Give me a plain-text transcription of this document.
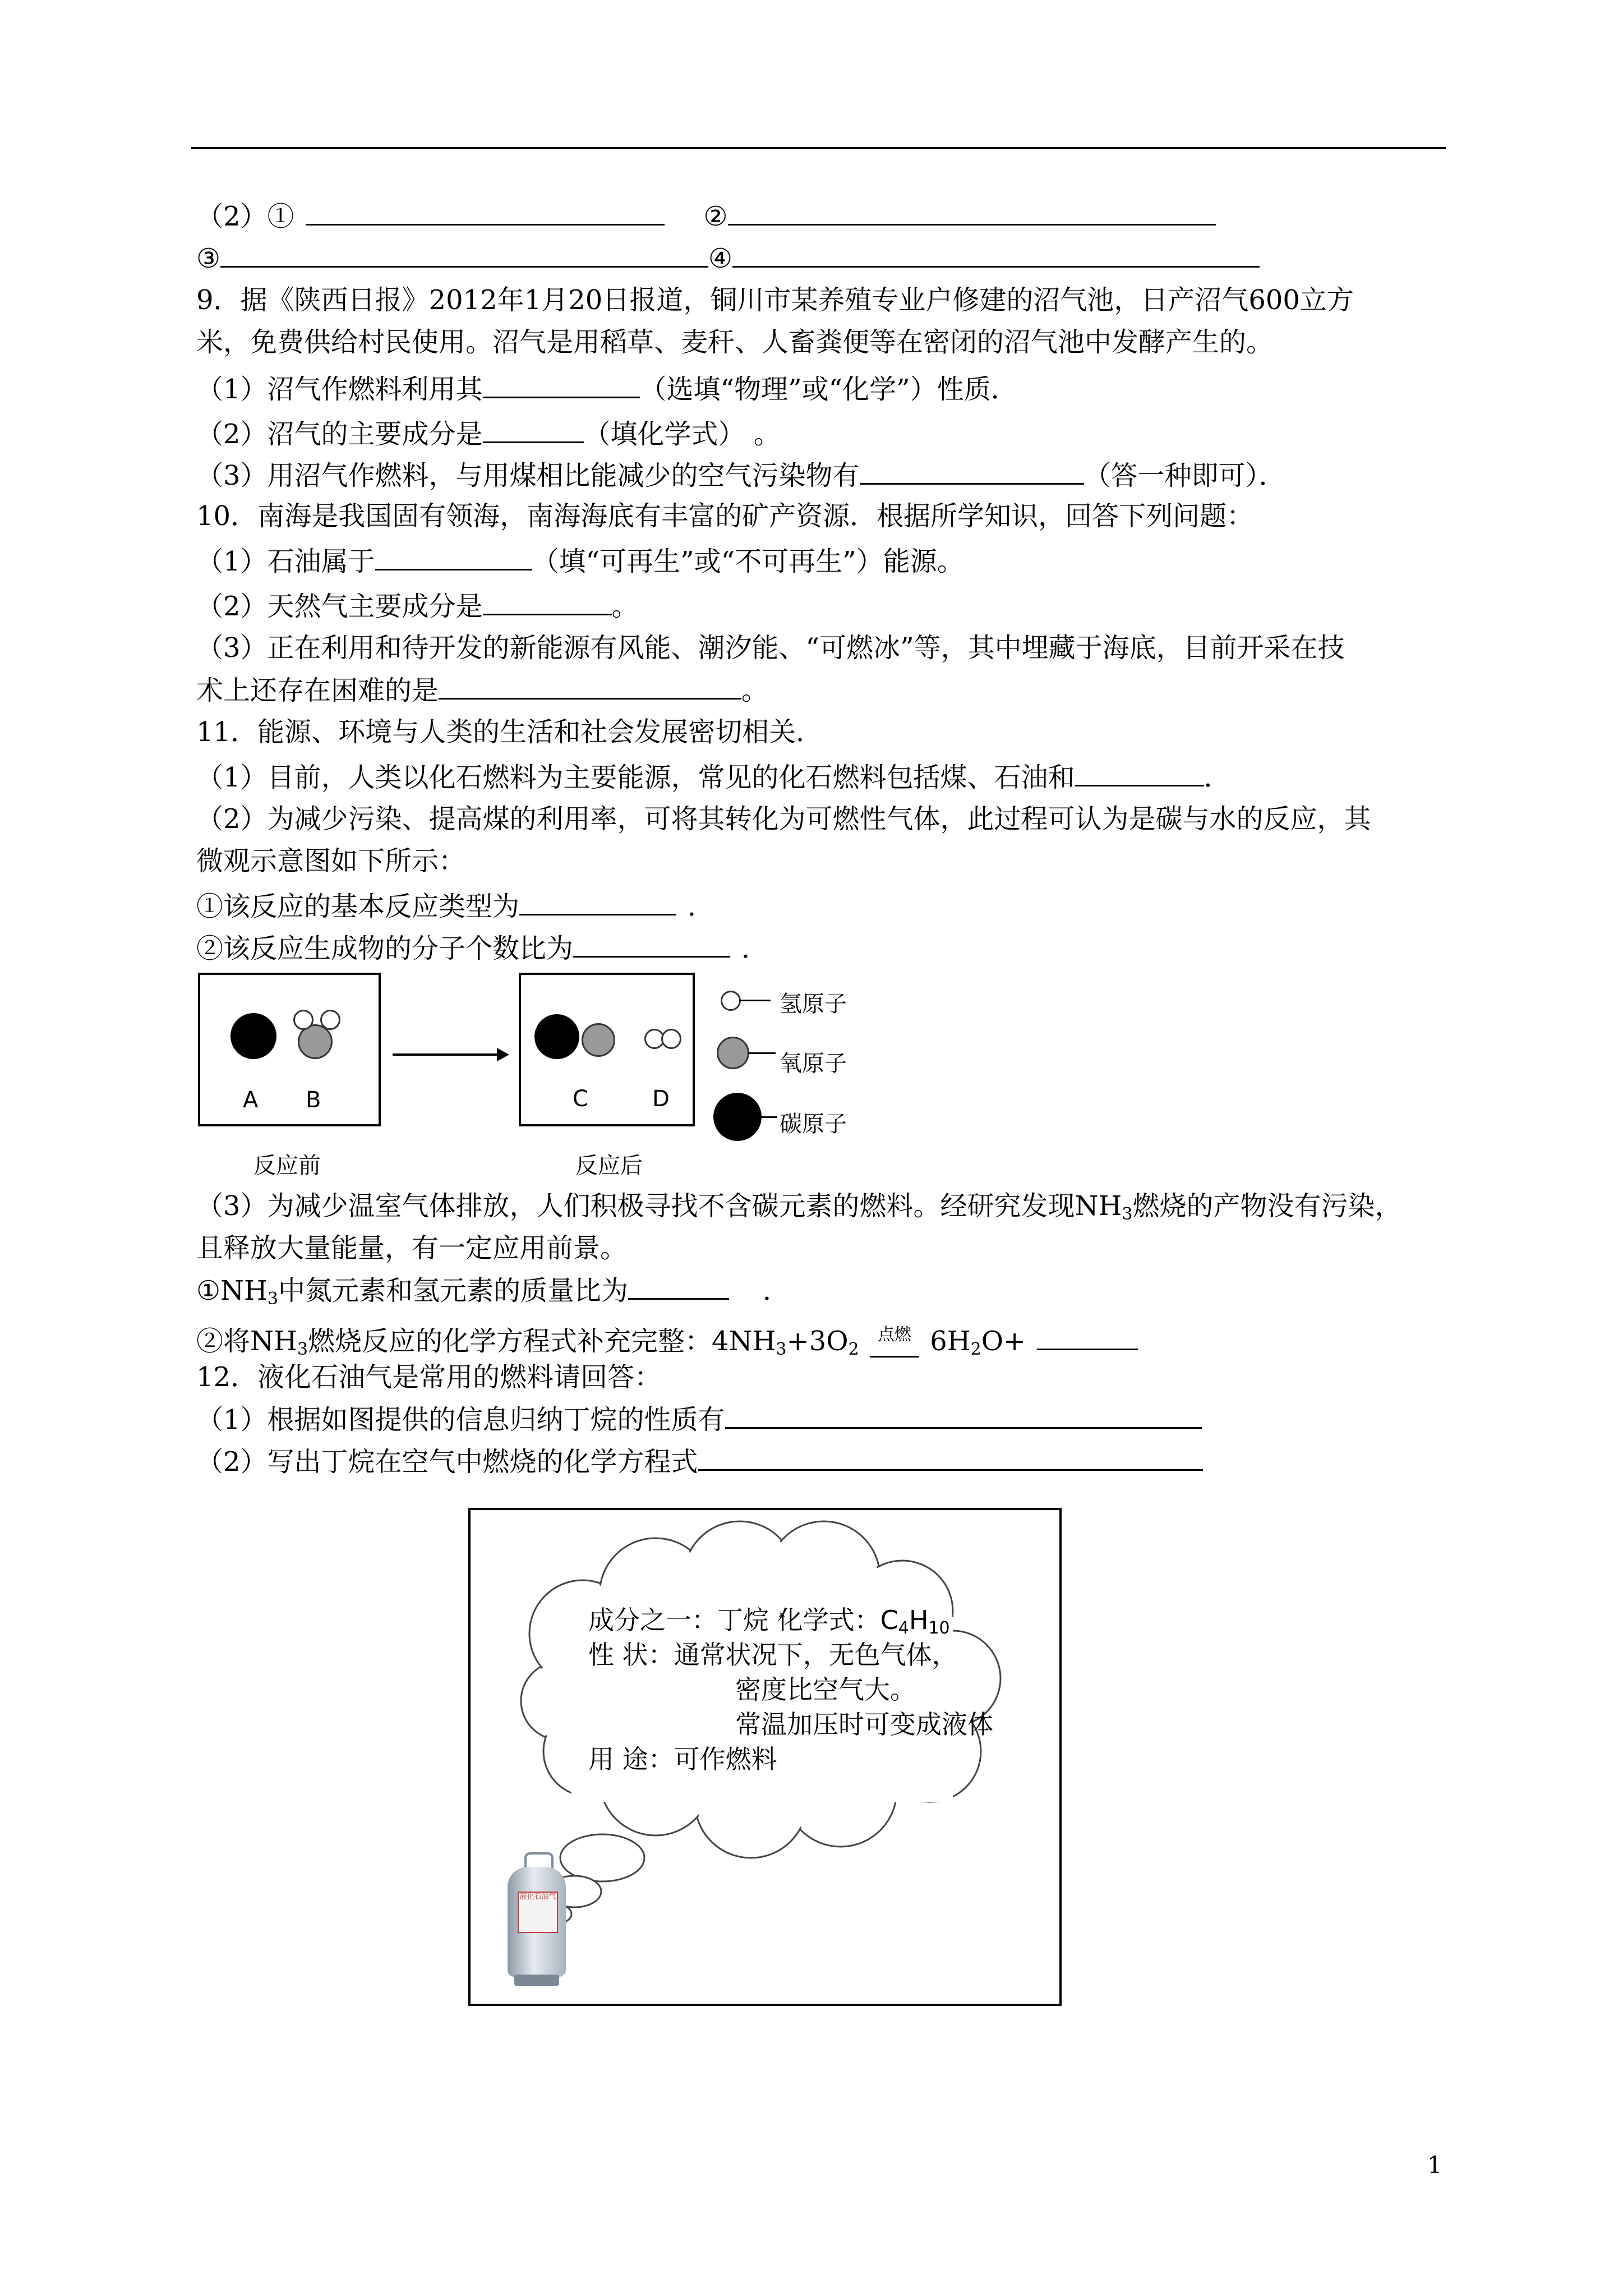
（2）①	②
③	④
9．据《陕西日报》2012年1月20日报道，铜川市某养殖专业户修建的沼气池，日产沼气600立方
米，免费供给村民使用。沼气是用稻草、麦秆、人畜粪便等在密闭的沼气池中发酵产生的。
（1）沼气作燃料利用其	（选填“物理”或“化学”）性质．
（2）沼气的主要成分是	（填化学式） 。
（3）用沼气作燃料，与用煤相比能减少的空气污染物有	（答一种即可）．
10．南海是我国固有领海，南海海底有丰富的矿产资源．根据所学知识，回答下列问题：
（1）石油属于	（填“可再生”或“不可再生”）能源。
（2）天然气主要成分是	。
（3）正在利用和待开发的新能源有风能、潮汐能、“可燃冰”等，其中埋藏于海底，目前开采在技
术上还存在困难的是	。
11．能源、环境与人类的生活和社会发展密切相关．
（1）目前，人类以化石燃料为主要能源，常见的化石燃料包括煤、石油和	．
（2）为减少污染、提高煤的利用率，可将其转化为可燃性气体，此过程可认为是碳与水的反应，其
微观示意图如下所示：
①该反应的基本反应类型为	．
②该反应生成物的分子个数比为	．
A B	C	D
反应前	反应后
氢原子
氧原子
碳原子
（3）为减少温室气体排放，人们积极寻找不含碳元素的燃料。经研究发现$NH_3$燃烧的产物没有污染，
且释放大量能量，有一定应用前景。
$①NH_3$中氮元素和氢元素的质量比为	．
②将$NH_3$燃烧反应的化学方程式补充完整：$4NH_3+3O_2$ 点燃 $6H_2O+$
12．液化石油气是常用的燃料请回答：
（1）根据如图提供的信息归纳丁烷的性质有
（2）写出丁烷在空气中燃烧的化学方程式
成分之一：丁烷 化学式：$C_4H_{10}$
性 状：通常状况下，无色气体，
密度比空气大。
常温加压时可变成液体
用 途：可作燃料
液化石油气
1
